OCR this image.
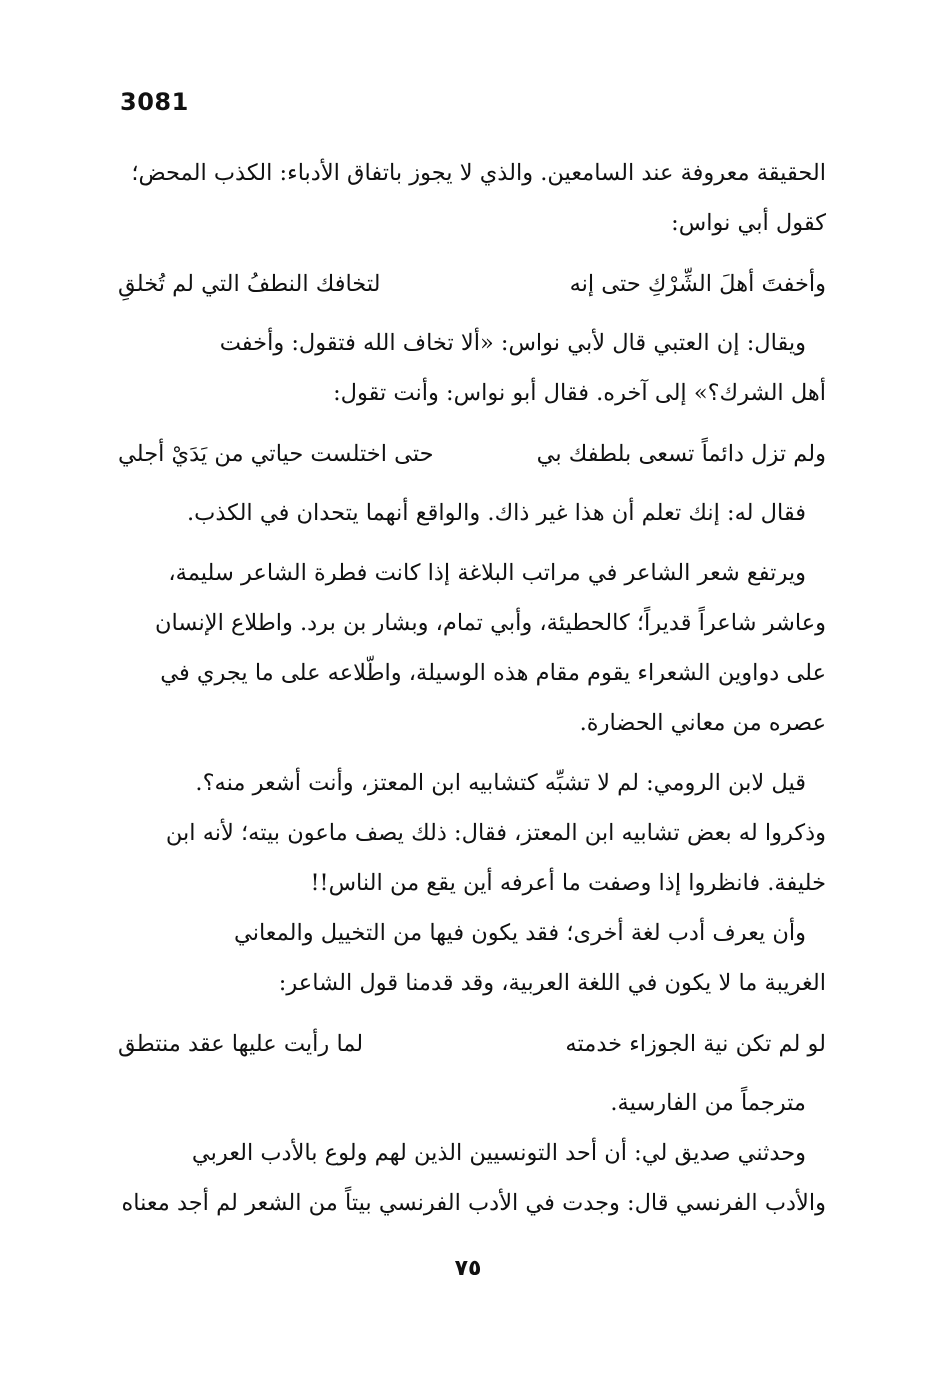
3081

الحقيقة معروفة عند السامعين. والذي لا يجوز باتفاق الأدباء: الكذب المحض؛

كقول أبي نواس:

وأخفتَ أهلَ الشِّرْكِ حتى إنه
لتخافك النطفُ التي لم تُخلقِ

ويقال: إن العتبي قال لأبي نواس: «ألا تخاف الله فتقول: وأخفت

أهل الشرك؟» إلى آخره. فقال أبو نواس: وأنت تقول:

ولم تزل دائماً تسعى بلطفك بي
حتى اختلست حياتي من يَدَيْ أجلي

فقال له: إنك تعلم أن هذا غير ذاك. والواقع أنهما يتحدان في الكذب.

ويرتفع شعر الشاعر في مراتب البلاغة إذا كانت فطرة الشاعر سليمة،

وعاشر شاعراً قديراً؛ كالحطيئة، وأبي تمام، وبشار بن برد. واطلاع الإنسان

على دواوين الشعراء يقوم مقام هذه الوسيلة، واطّلاعه على ما يجري في

عصره من معاني الحضارة.

قيل لابن الرومي: لم لا تشبِّه كتشابيه ابن المعتز، وأنت أشعر منه؟.

وذكروا له بعض تشابيه ابن المعتز، فقال: ذلك يصف ماعون بيته؛ لأنه ابن

خليفة. فانظروا إذا وصفت ما أعرفه أين يقع من الناس!!

وأن يعرف أدب لغة أخرى؛ فقد يكون فيها من التخييل والمعاني

الغريبة ما لا يكون في اللغة العربية، وقد قدمنا قول الشاعر:

لو لم تكن نية الجوزاء خدمته
لما رأيت عليها عقد منتطق

مترجماً من الفارسية.

وحدثني صديق لي: أن أحد التونسيين الذين لهم ولوع بالأدب العربي

والأدب الفرنسي قال: وجدت في الأدب الفرنسي بيتاً من الشعر لم أجد معناه

٧٥
